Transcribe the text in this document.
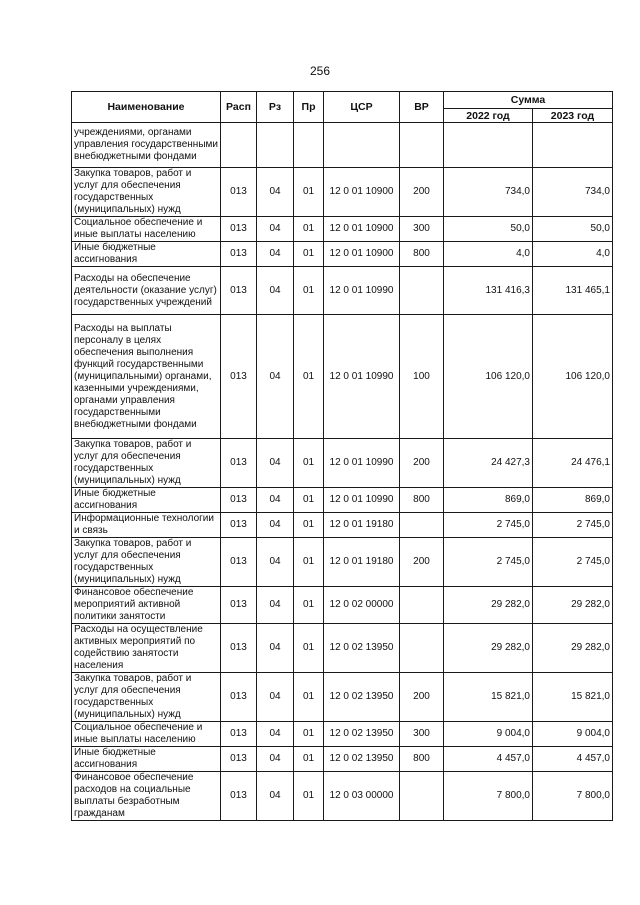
256
Наименование	Расп	Рз	Пр	ЦСР	ВР	Сумма	
						2022 год	2023 год
учреждениями, органами управления государственными внебюджетными фондами							
Закупка товаров, работ и услуг для обеспечения государственных (муниципальных) нужд	013	04	01	12 0 01 10900	200	734,0	734,0
Социальное обеспечение и иные выплаты населению	013	04	01	12 0 01 10900	300	50,0	50,0
Иные бюджетные ассигнования	013	04	01	12 0 01 10900	800	4,0	4,0
Расходы на обеспечение деятельности (оказание услуг) государственных учреждений	013	04	01	12 0 01 10990		131 416,3	131 465,1
Расходы на выплаты персоналу в целях обеспечения выполнения функций государственными (муниципальными) органами, казенными учреждениями, органами управления государственными внебюджетными фондами	013	04	01	12 0 01 10990	100	106 120,0	106 120,0
Закупка товаров, работ и услуг для обеспечения государственных (муниципальных) нужд	013	04	01	12 0 01 10990	200	24 427,3	24 476,1
Иные бюджетные ассигнования	013	04	01	12 0 01 10990	800	869,0	869,0
Информационные технологии и связь	013	04	01	12 0 01 19180		2 745,0	2 745,0
Закупка товаров, работ и услуг для обеспечения государственных (муниципальных) нужд	013	04	01	12 0 01 19180	200	2 745,0	2 745,0
Финансовое обеспечение мероприятий активной политики занятости	013	04	01	12 0 02 00000		29 282,0	29 282,0
Расходы на осуществление активных мероприятий по содействию занятости населения	013	04	01	12 0 02 13950		29 282,0	29 282,0
Закупка товаров, работ и услуг для обеспечения государственных (муниципальных) нужд	013	04	01	12 0 02 13950	200	15 821,0	15 821,0
Социальное обеспечение и иные выплаты населению	013	04	01	12 0 02 13950	300	9 004,0	9 004,0
Иные бюджетные ассигнования	013	04	01	12 0 02 13950	800	4 457,0	4 457,0
Финансовое обеспечение расходов на социальные выплаты безработным гражданам	013	04	01	12 0 03 00000		7 800,0	7 800,0
